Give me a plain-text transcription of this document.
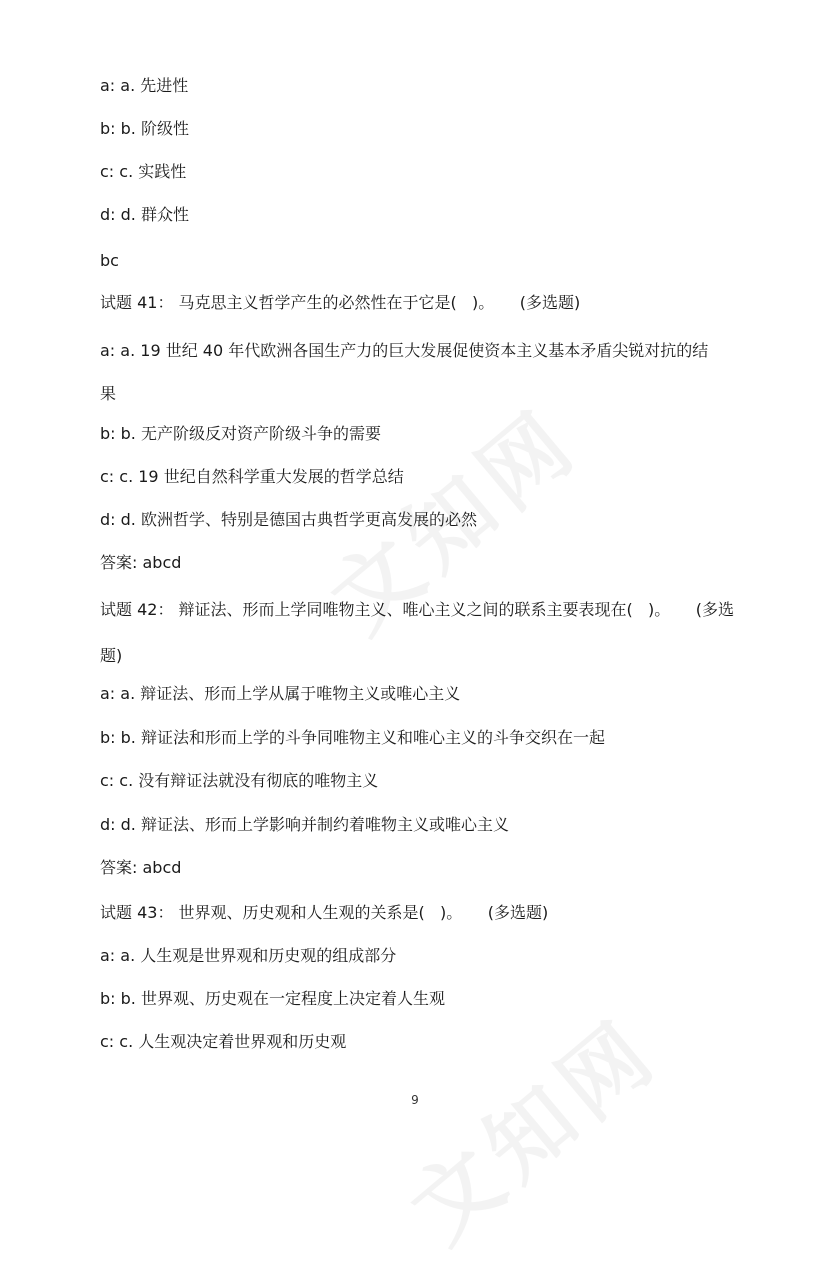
a: a. 先进性
b: b. 阶级性
c: c. 实践性
d: d. 群众性
bc
试题 41： 马克思主义哲学产生的必然性在于它是(   )。     (多选题)
a: a. 19 世纪 40 年代欧洲各国生产力的巨大发展促使资本主义基本矛盾尖锐对抗的结
果
b: b. 无产阶级反对资产阶级斗争的需要
c: c. 19 世纪自然科学重大发展的哲学总结
d: d. 欧洲哲学、特别是德国古典哲学更高发展的必然
答案: abcd
试题 42： 辩证法、形而上学同唯物主义、唯心主义之间的联系主要表现在(   )。     (多选
题)
a: a. 辩证法、形而上学从属于唯物主义或唯心主义
b: b. 辩证法和形而上学的斗争同唯物主义和唯心主义的斗争交织在一起
c: c. 没有辩证法就没有彻底的唯物主义
d: d. 辩证法、形而上学影响并制约着唯物主义或唯心主义
答案: abcd
试题 43： 世界观、历史观和人生观的关系是(   )。     (多选题)
a: a. 人生观是世界观和历史观的组成部分
b: b. 世界观、历史观在一定程度上决定着人生观
c: c. 人生观决定着世界观和历史观
9
